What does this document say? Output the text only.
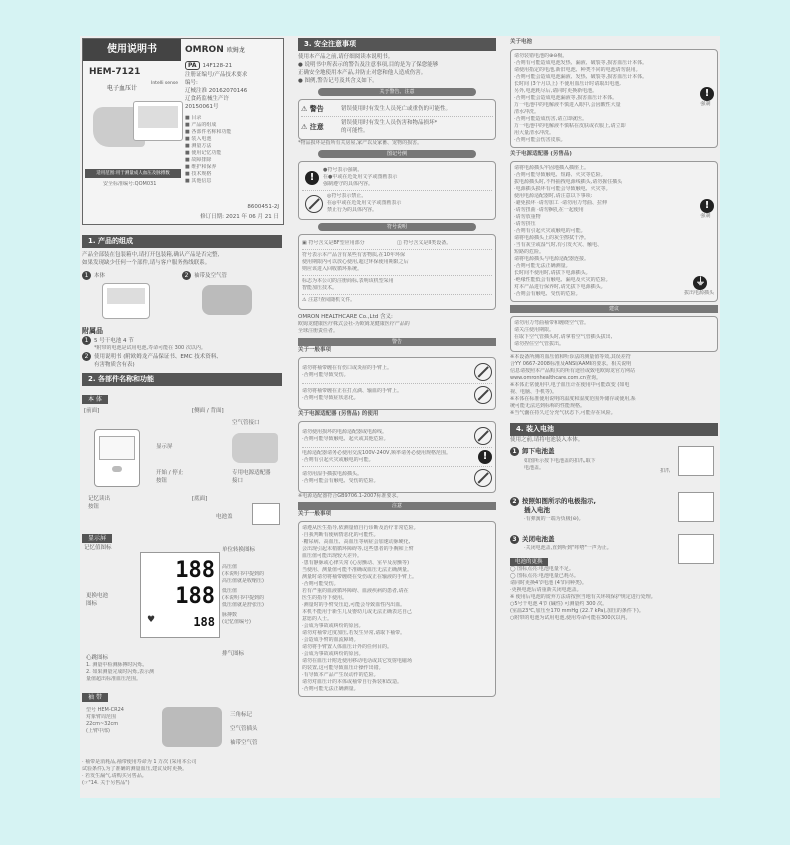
使用说明书	OMRON 欧姆龙
HEM-7121
电子血压计
Intelli sense
适用范围:用于测量成人血压及脉搏数
安全标准编号:QOM031
PA	14F128-21
注册证编号/产品技术要求
编号:
辽械注准 20162070146
辽食药监械生产许
20150061号
■ 目录
■ 产品的组成
■ 各部件名称和功能
■ 装入电池
■ 测量方法
■ 使用记忆功能
■ 故障排除
■ 维护和保养
■ 技术规格
■ 其他信息
8600451-2J
修订日期: 2021 年 06 月 21 日
1. 产品的组成
产品全部装在包装箱中,请打开包装箱,确认产品是否完整,
如果发现缺少任何一个部件,请与客户服务热线联系。
1 本体	2 袖带及空气管
附属品
1 5 号干电池 4 节
*附带的电池是试用电池,寿命可能在 300 次以内。
2 使用说明书 (附欧姆龙产品保证书、EMC 技术资料、
有害物质含有表)
2. 各部件名称和功能
本 体
[前面]	[侧面 / 背面]
空气管接口
显示屏
开始 / 停止
按钮
专用电源适配器
接口
记忆读出
按钮
[底面]
电池盖
显示屏
记忆值图标	单位转换图标
188
188
188
♥
高压值
(本说明书中提到的
高压值就是收缩压)
低压值
(本说明书中提到的
低压值就是舒张压)
脉搏数
(记忆值编号)
更换电池
图标
排气图标
心跳图标
1. 测量中检测脉搏时闪烁。
2. 如果测量完成时闪烁,表示测
量值超出标准血压范围。
袖 带
型号 HEM-CR24
对象臂周范围
22cm~32cm
(上臂中部)
三角标记
空气管插头
袖带空气管
· 袖带是消耗品,袖带使用寿命为 1 万次 (采用本公司
试验条件),为了准确的测量血压,建议及时更换。
· 若发生漏气,请购买另售品。
(☞"14. 关于另售品")
3. 安全注意事项
使用本产品之前,请仔细阅读本说明书。
● 说明书中所表示的警告及注意事项,目的是为了保您能够
正确安全地使用本产品,并防止对您和他人造成伤害。
● 图例,警告记号及其含义如下。
关于警告、注意
⚠ 警告	错误使用时有发生人员死亡或重伤的可能性。
⚠ 注意	错误使用时有发生人员伤害和物品损坏*
的可能性。
*物品损坏是指所有关房屋,家产以及家畜、宠物的损害。
图记号例
!
●符号表示强制。
在●中或在近处用文字或图画表示
强制遵守的具体内容。
◎符号表示禁止。
在◎中或在近处用文字或图画表示
禁止行为的具体内容。
符号说明
▣ 符号含义是BF型应用部分	◫ 符号含义是II类设备。
符号表示本产品含有某些有害物质,在10年环保
使用期限内可以放心使用,超过环保使用期限之后
则应该进入回收循环系统。
标志为本公司的注册商标,表明该机型采用
智能加压技术。
⚠ 注意!查阅随机文件。
OMRON HEALTHCARE Co.,Ltd 含义:
欧姆龙健康医疗株式会社-为欧姆龙健康医疗产品的
全球注册责任者。
警告
关于一般事项
请勿将袖带缠在有伤口或炎症的手臂上。
·否则可能导致受伤。
请勿将袖带缠在正在打点滴、输血的手臂上。
·否则可能导致症状恶化。
关于电源适配器 (另售品) 的使用
请勿使用损坏的电源适配器或电源线。
·否则可能导致触电、起火或其他危险。
电源适配器请务必使用交流100V-240V,频率请务必使用规格范围。
·否则有引起火灾或触电的可能。	!
请勿用湿手插拔电源插头。
·否则可能会有触电、受伤的危险。
※电源适配器符合GB9706.1-2007标准要求。
注意
关于一般事项
请遵从医生指导,依测量值自行诊断及治疗非常危险。
·自我判断有使病情恶化的可能性。
·糖尿病、高血压、高血压等病症会加速动脉硬化,
会出现引起末梢循环障碍等,这些患者的手腕和上臂
血压值可能出现较大差异。
·患有静脉或心律失常 (心房颤动、室早及房颤等)
当使用、测量值可能不准确或血压无法正确测量。
测量时请勿将袖带缠绕在受伤或正在输液的手臂上。
·否则可能受伤。
若有严重的血液循环障碍、血液疾病的患者,请在
医生的指导下使用。
·测量时的手臂受压迫,可能会导致血性内出血。
本机不能用于新生儿及婴幼儿或无法正确表达自己
意愿的人士。
·会成为事故或纠纷的原因。
请勿对袖带过度加压,若发生异常,请取下袖带。
·会造成手臂的血流障碍。
请勿将手臂置人体血压计外的任何目的。
·会成为事故或纠纷的原因。
请勿在血压计附近使用移动电话或其它发射电磁场
的装置,这可能导致血压计操作出错。
·有导致本产品产生误动作的危险。
请勿对血压计的本体或袖带自行拆装和改造。
·否则可能无法正确测量。
关于电池
请勿装错电池的⊕⊖极。
·否则有可能造成电池发热、漏液、破裂等,损害血压计本体。
请使用指定的电池,新旧电池、种类不同的电池请勿混用。
·否则可能会造成电池漏液、发热、破裂等,损害血压计本体。
长时间 (3个月以上) 不使用血压计时请取出电池,
另外,电池耗尽后,请同时更换新电池。
·否则可能会造成电池漏液等,损害血压计本体。
万一电池中的电解液不慎进入眼中,会因酸性大量
清水冲洗。
·否则可能造成伤害,请立即就医。
!
强制
万一电池中的电解液不慎粘在皮肤或衣服上,请立即
用大量清水冲洗。
·否则可能会伤害皮肤。
关于电源适配器 (另售品)
请将电源插头牢固地插入插座上。
·否则可能导致触电、短路、火灾等危险。
拔电源插头时,不得抽拽电源线插头,请勿握住插头
·电源插头损坏有可能会导致触电、火灾等。
使用电源适配器时,请注意以下事项:
·避免损坏 ·请勿加工 ·请勿用力弯曲、拉伸
·请勿扭曲 ·请勿捆扎在一起使用
·请勿放重物
·请勿挤压
·否则有引起火灾或触电的可能。
!
强制
请将电源插头上的灰尘擦拭干净。
·当有灰尘或湿气时,有引发火灾、触电、
短路的危险。
请将电源插头与电源适配器连接。
·否则可能无法正确测量。
长时间不使用时,请拔下电源插头。
·绝缘性能低会有触电、漏电及火灾的危险。
对本产品进行保养时,请先拔下电源插头。
·否则会有触电、受伤的危险。
⏚
拔出电源插头
建议
请勿用力弯曲袖带和缠绕空气管。
请关注使用期限。
在取下空气管插头时,请拿着空气管插头拔出,
请勿捏住空气管拔出。
※本设备所测的血压值和听诊法的测量值等效,其误差符
合YY 0667-2008标准及ANSI/AAMI的要求。相关说明
信息请按照本产品购买的所有途径或致电欧姆龙官方网站
www.omronhealthcare.com.cn查询。
※本体正常使用中,电子血压计在使用中可能改变 (如电
视、电脑、手机等)。
※本体在标准使用说明的温度和湿度范围外储存或使用,系
统可能无法达到标称的性能规格。
※当气囊在持久过分充气状态下,可能存在风险。
4. 装入电池
使用之前,请将电池装入本体。
1 卸下电池盖
如图所示按下电池盖的扣爪,取下
电池盖。	扣爪
2 按照如图所示的电极指示,
插入电池
·有弹簧的一端为负极(⊖)。
3 关闭电池盖
·关闭电池盖,直到听到"咔嗒"一声为止。
电池的更换
◯ 图标点亮:电池电量不足。
◯ 图标点亮:电池电量已耗尽。
请同时更换4节电池 (4节同种类)。
·更换电池后请重新关闭电池盖。
※ 使用后电池的废弃方法请按照当地有关环境保护规定进行处理。
○5号干电池 4节 (碱性) 可测量约 300 次。
(室温23℃,加压至170 mmHg (22.7 kPa),加压的条件下)。
○附带的电池为试用电池,使用寿命可能在300次以内。
